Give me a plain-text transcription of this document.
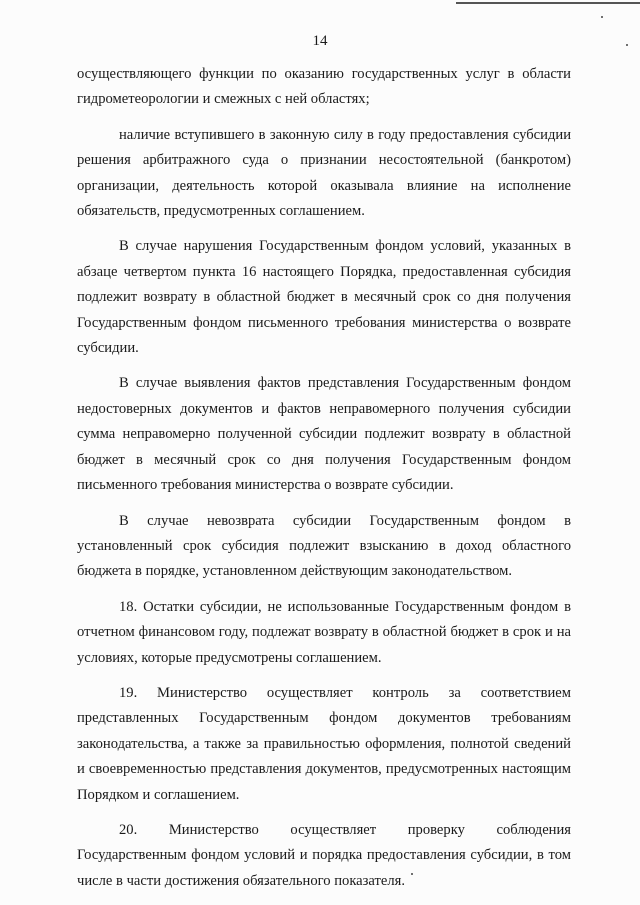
14

осуществляющего функции по оказанию государственных услуг в области гидрометеорологии и смежных с ней областях;

наличие вступившего в законную силу в году предоставления субсидии решения арбитражного суда о признании несостоятельной (банкротом) организации, деятельность которой оказывала влияние на исполнение обязательств, предусмотренных соглашением.

В случае нарушения Государственным фондом условий, указанных в абзаце четвертом пункта 16 настоящего Порядка, предоставленная субсидия подлежит возврату в областной бюджет в месячный срок со дня получения Государственным фондом письменного требования министерства о возврате субсидии.

В случае выявления фактов представления Государственным фондом недостоверных документов и фактов неправомерного получения субсидии сумма неправомерно полученной субсидии подлежит возврату в областной бюджет в месячный срок со дня получения Государственным фондом письменного требования министерства о возврате субсидии.

В случае невозврата субсидии Государственным фондом в установленный срок субсидия подлежит взысканию в доход областного бюджета в порядке, установленном действующим законодательством.

18. Остатки субсидии, не использованные Государственным фондом в отчетном финансовом году, подлежат возврату в областной бюджет в срок и на условиях, которые предусмотрены соглашением.

19. Министерство осуществляет контроль за соответствием представленных Государственным фондом документов требованиям законодательства, а также за правильностью оформления, полнотой сведений и своевременностью представления документов, предусмотренных настоящим Порядком и соглашением.

20. Министерство осуществляет проверку соблюдения Государственным фондом условий и порядка предоставления субсидии, в том числе в части достижения обязательного показателя.
